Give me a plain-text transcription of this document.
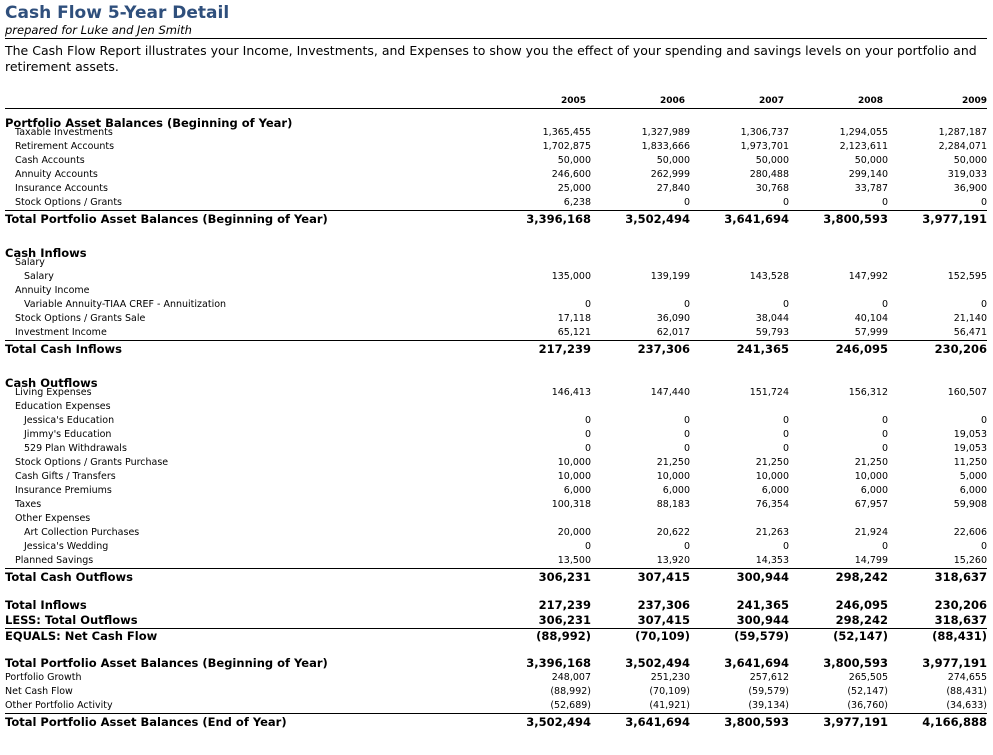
Cash Flow 5-Year Detail
prepared for Luke and Jen Smith
The Cash Flow Report illustrates your Income, Investments, and Expenses to show you the effect of your spending and savings levels on your portfolio and retirement assets.
2005	2006	2007	2008	2009
Portfolio Asset Balances (Beginning of Year)
Taxable Investments	1,365,455	1,327,989	1,306,737	1,294,055	1,287,187
Retirement Accounts	1,702,875	1,833,666	1,973,701	2,123,611	2,284,071
Cash Accounts	50,000	50,000	50,000	50,000	50,000
Annuity Accounts	246,600	262,999	280,488	299,140	319,033
Insurance Accounts	25,000	27,840	30,768	33,787	36,900
Stock Options / Grants	6,238	0	0	0	0
Total Portfolio Asset Balances (Beginning of Year)	3,396,168	3,502,494	3,641,694	3,800,593	3,977,191
Cash Inflows
Salary
Salary	135,000	139,199	143,528	147,992	152,595
Annuity Income
Variable Annuity-TIAA CREF - Annuitization	0	0	0	0	0
Stock Options / Grants Sale	17,118	36,090	38,044	40,104	21,140
Investment Income	65,121	62,017	59,793	57,999	56,471
Total Cash Inflows	217,239	237,306	241,365	246,095	230,206
Cash Outflows
Living Expenses	146,413	147,440	151,724	156,312	160,507
Education Expenses
Jessica's Education	0	0	0	0	0
Jimmy's Education	0	0	0	0	19,053
529 Plan Withdrawals	0	0	0	0	19,053
Stock Options / Grants Purchase	10,000	21,250	21,250	21,250	11,250
Cash Gifts / Transfers	10,000	10,000	10,000	10,000	5,000
Insurance Premiums	6,000	6,000	6,000	6,000	6,000
Taxes	100,318	88,183	76,354	67,957	59,908
Other Expenses
Art Collection Purchases	20,000	20,622	21,263	21,924	22,606
Jessica's Wedding	0	0	0	0	0
Planned Savings	13,500	13,920	14,353	14,799	15,260
Total Cash Outflows	306,231	307,415	300,944	298,242	318,637
Total Inflows	217,239	237,306	241,365	246,095	230,206
LESS: Total Outflows	306,231	307,415	300,944	298,242	318,637
EQUALS: Net Cash Flow	(88,992)	(70,109)	(59,579)	(52,147)	(88,431)
Total Portfolio Asset Balances (Beginning of Year)	3,396,168	3,502,494	3,641,694	3,800,593	3,977,191
Portfolio Growth	248,007	251,230	257,612	265,505	274,655
Net Cash Flow	(88,992)	(70,109)	(59,579)	(52,147)	(88,431)
Other Portfolio Activity	(52,689)	(41,921)	(39,134)	(36,760)	(34,633)
Total Portfolio Asset Balances (End of Year)	3,502,494	3,641,694	3,800,593	3,977,191	4,166,888
